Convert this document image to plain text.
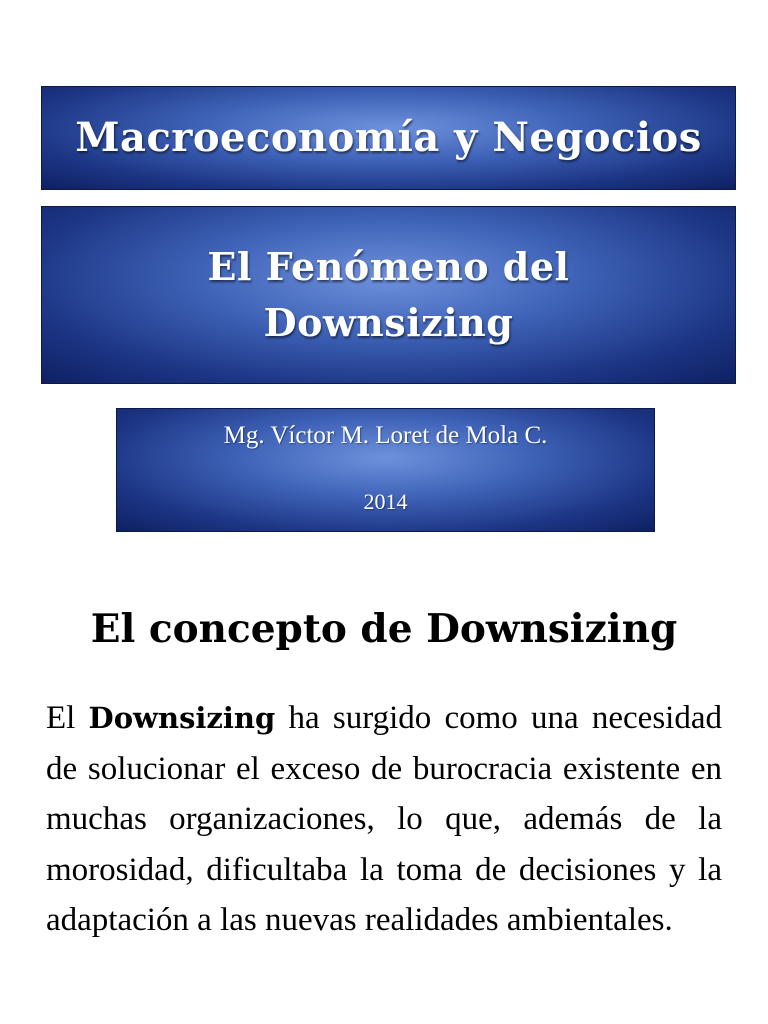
Macroeconomía y Negocios
El Fenómeno del Downsizing
Mg. Víctor M. Loret de Mola C.
2014
El concepto de Downsizing

El Downsizing ha surgido como una necesidad de solucionar el exceso de burocracia existente en muchas organizaciones, lo que, además de la morosidad, dificultaba la toma de decisiones y la adaptación a las nuevas realidades ambientales.
